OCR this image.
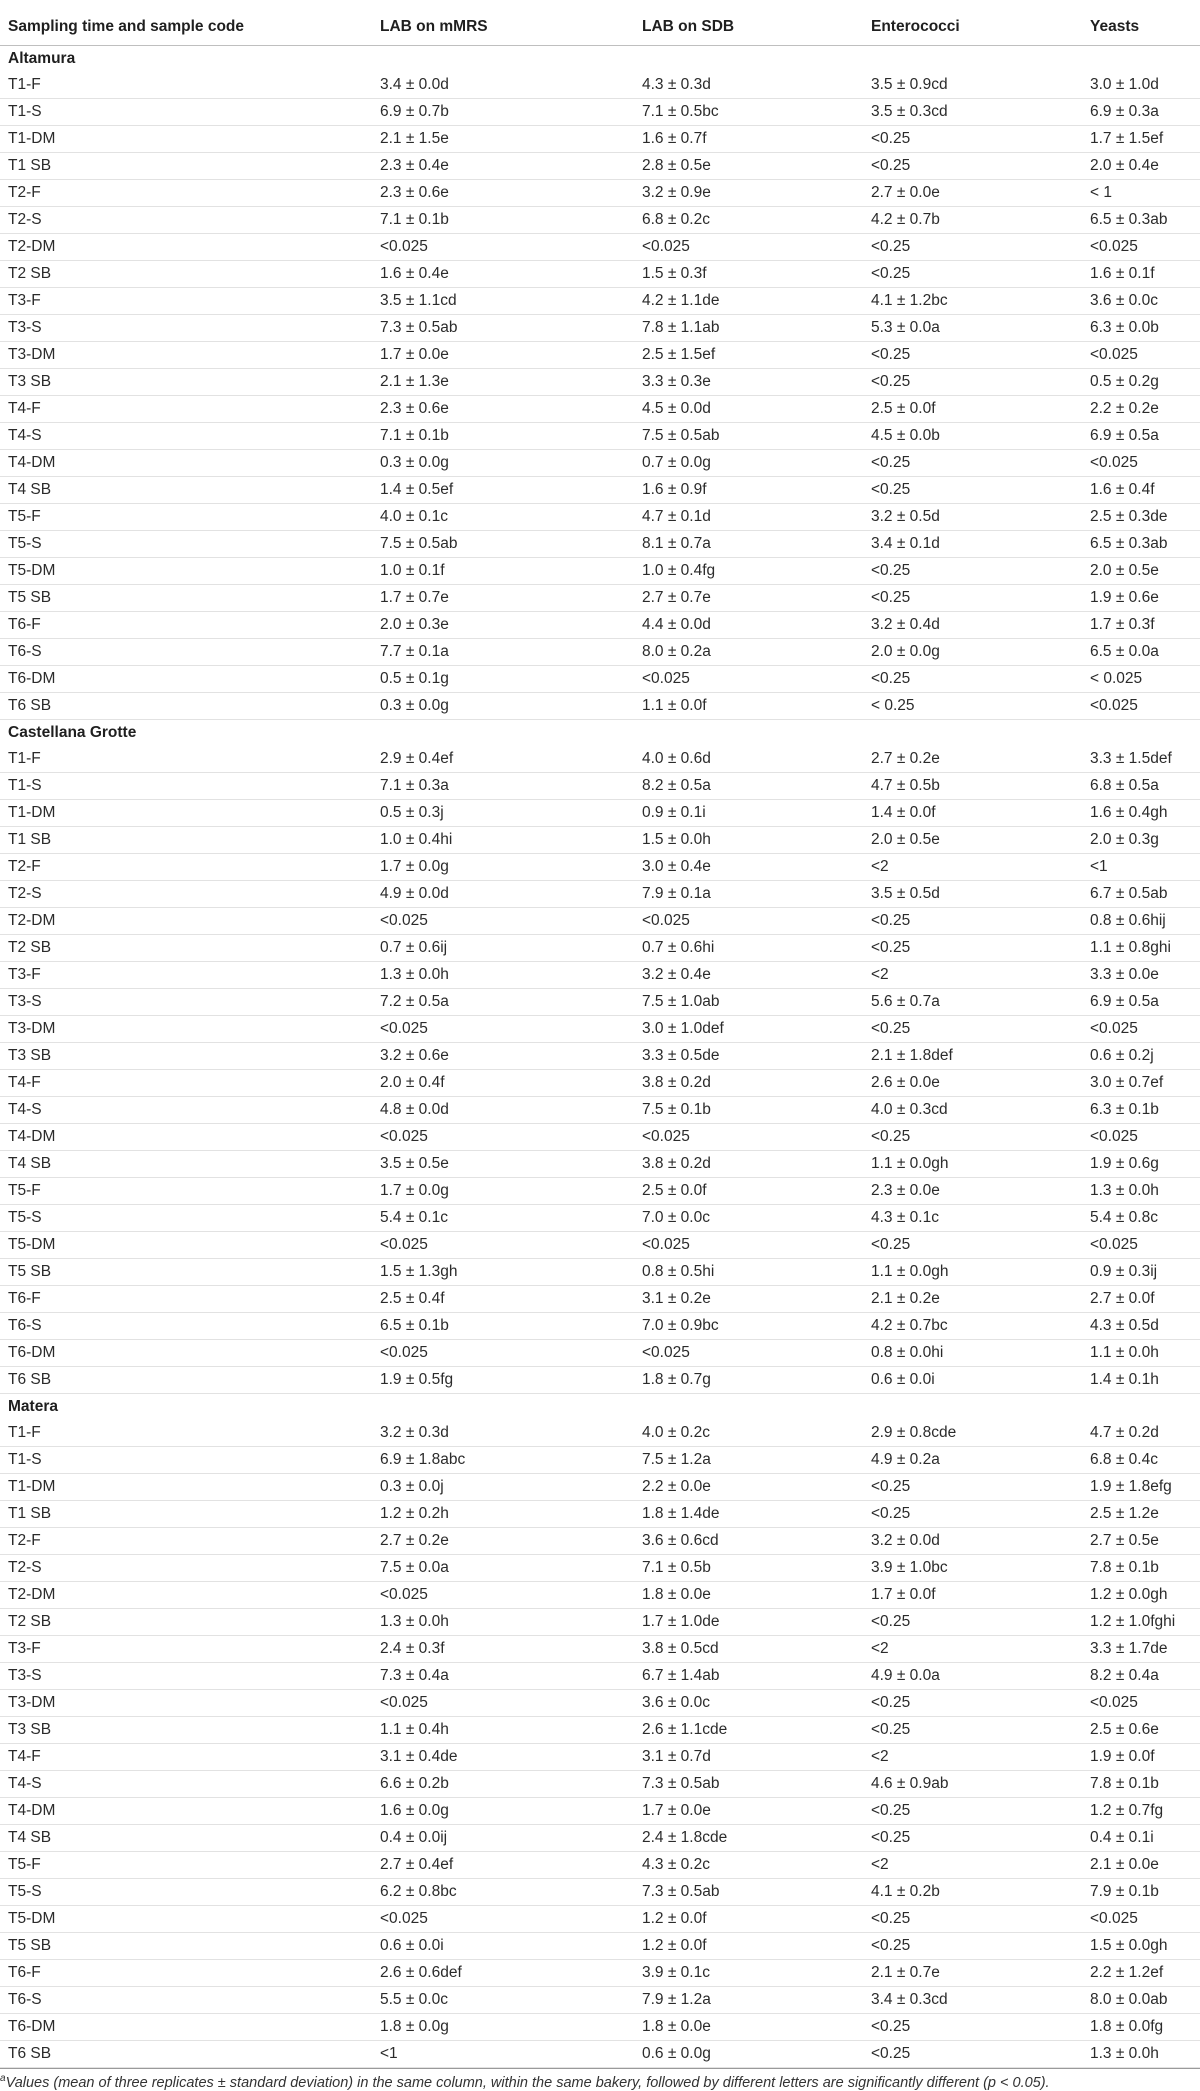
Sampling time and sample code	LAB on mMRS	LAB on SDB	Enterococci	Yeasts
Altamura				
T1-F	3.4 ± 0.0d	4.3 ± 0.3d	3.5 ± 0.9cd	3.0 ± 1.0d
T1-S	6.9 ± 0.7b	7.1 ± 0.5bc	3.5 ± 0.3cd	6.9 ± 0.3a
T1-DM	2.1 ± 1.5e	1.6 ± 0.7f	<0.25	1.7 ± 1.5ef
T1 SB	2.3 ± 0.4e	2.8 ± 0.5e	<0.25	2.0 ± 0.4e
T2-F	2.3 ± 0.6e	3.2 ± 0.9e	2.7 ± 0.0e	< 1
T2-S	7.1 ± 0.1b	6.8 ± 0.2c	4.2 ± 0.7b	6.5 ± 0.3ab
T2-DM	<0.025	<0.025	<0.25	<0.025
T2 SB	1.6 ± 0.4e	1.5 ± 0.3f	<0.25	1.6 ± 0.1f
T3-F	3.5 ± 1.1cd	4.2 ± 1.1de	4.1 ± 1.2bc	3.6 ± 0.0c
T3-S	7.3 ± 0.5ab	7.8 ± 1.1ab	5.3 ± 0.0a	6.3 ± 0.0b
T3-DM	1.7 ± 0.0e	2.5 ± 1.5ef	<0.25	<0.025
T3 SB	2.1 ± 1.3e	3.3 ± 0.3e	<0.25	0.5 ± 0.2g
T4-F	2.3 ± 0.6e	4.5 ± 0.0d	2.5 ± 0.0f	2.2 ± 0.2e
T4-S	7.1 ± 0.1b	7.5 ± 0.5ab	4.5 ± 0.0b	6.9 ± 0.5a
T4-DM	0.3 ± 0.0g	0.7 ± 0.0g	<0.25	<0.025
T4 SB	1.4 ± 0.5ef	1.6 ± 0.9f	<0.25	1.6 ± 0.4f
T5-F	4.0 ± 0.1c	4.7 ± 0.1d	3.2 ± 0.5d	2.5 ± 0.3de
T5-S	7.5 ± 0.5ab	8.1 ± 0.7a	3.4 ± 0.1d	6.5 ± 0.3ab
T5-DM	1.0 ± 0.1f	1.0 ± 0.4fg	<0.25	2.0 ± 0.5e
T5 SB	1.7 ± 0.7e	2.7 ± 0.7e	<0.25	1.9 ± 0.6e
T6-F	2.0 ± 0.3e	4.4 ± 0.0d	3.2 ± 0.4d	1.7 ± 0.3f
T6-S	7.7 ± 0.1a	8.0 ± 0.2a	2.0 ± 0.0g	6.5 ± 0.0a
T6-DM	0.5 ± 0.1g	<0.025	<0.25	< 0.025
T6 SB	0.3 ± 0.0g	1.1 ± 0.0f	< 0.25	<0.025
Castellana Grotte				
T1-F	2.9 ± 0.4ef	4.0 ± 0.6d	2.7 ± 0.2e	3.3 ± 1.5def
T1-S	7.1 ± 0.3a	8.2 ± 0.5a	4.7 ± 0.5b	6.8 ± 0.5a
T1-DM	0.5 ± 0.3j	0.9 ± 0.1i	1.4 ± 0.0f	1.6 ± 0.4gh
T1 SB	1.0 ± 0.4hi	1.5 ± 0.0h	2.0 ± 0.5e	2.0 ± 0.3g
T2-F	1.7 ± 0.0g	3.0 ± 0.4e	<2	<1
T2-S	4.9 ± 0.0d	7.9 ± 0.1a	3.5 ± 0.5d	6.7 ± 0.5ab
T2-DM	<0.025	<0.025	<0.25	0.8 ± 0.6hij
T2 SB	0.7 ± 0.6ij	0.7 ± 0.6hi	<0.25	1.1 ± 0.8ghi
T3-F	1.3 ± 0.0h	3.2 ± 0.4e	<2	3.3 ± 0.0e
T3-S	7.2 ± 0.5a	7.5 ± 1.0ab	5.6 ± 0.7a	6.9 ± 0.5a
T3-DM	<0.025	3.0 ± 1.0def	<0.25	<0.025
T3 SB	3.2 ± 0.6e	3.3 ± 0.5de	2.1 ± 1.8def	0.6 ± 0.2j
T4-F	2.0 ± 0.4f	3.8 ± 0.2d	2.6 ± 0.0e	3.0 ± 0.7ef
T4-S	4.8 ± 0.0d	7.5 ± 0.1b	4.0 ± 0.3cd	6.3 ± 0.1b
T4-DM	<0.025	<0.025	<0.25	<0.025
T4 SB	3.5 ± 0.5e	3.8 ± 0.2d	1.1 ± 0.0gh	1.9 ± 0.6g
T5-F	1.7 ± 0.0g	2.5 ± 0.0f	2.3 ± 0.0e	1.3 ± 0.0h
T5-S	5.4 ± 0.1c	7.0 ± 0.0c	4.3 ± 0.1c	5.4 ± 0.8c
T5-DM	<0.025	<0.025	<0.25	<0.025
T5 SB	1.5 ± 1.3gh	0.8 ± 0.5hi	1.1 ± 0.0gh	0.9 ± 0.3ij
T6-F	2.5 ± 0.4f	3.1 ± 0.2e	2.1 ± 0.2e	2.7 ± 0.0f
T6-S	6.5 ± 0.1b	7.0 ± 0.9bc	4.2 ± 0.7bc	4.3 ± 0.5d
T6-DM	<0.025	<0.025	0.8 ± 0.0hi	1.1 ± 0.0h
T6 SB	1.9 ± 0.5fg	1.8 ± 0.7g	0.6 ± 0.0i	1.4 ± 0.1h
Matera				
T1-F	3.2 ± 0.3d	4.0 ± 0.2c	2.9 ± 0.8cde	4.7 ± 0.2d
T1-S	6.9 ± 1.8abc	7.5 ± 1.2a	4.9 ± 0.2a	6.8 ± 0.4c
T1-DM	0.3 ± 0.0j	2.2 ± 0.0e	<0.25	1.9 ± 1.8efg
T1 SB	1.2 ± 0.2h	1.8 ± 1.4de	<0.25	2.5 ± 1.2e
T2-F	2.7 ± 0.2e	3.6 ± 0.6cd	3.2 ± 0.0d	2.7 ± 0.5e
T2-S	7.5 ± 0.0a	7.1 ± 0.5b	3.9 ± 1.0bc	7.8 ± 0.1b
T2-DM	<0.025	1.8 ± 0.0e	1.7 ± 0.0f	1.2 ± 0.0gh
T2 SB	1.3 ± 0.0h	1.7 ± 1.0de	<0.25	1.2 ± 1.0fghi
T3-F	2.4 ± 0.3f	3.8 ± 0.5cd	<2	3.3 ± 1.7de
T3-S	7.3 ± 0.4a	6.7 ± 1.4ab	4.9 ± 0.0a	8.2 ± 0.4a
T3-DM	<0.025	3.6 ± 0.0c	<0.25	<0.025
T3 SB	1.1 ± 0.4h	2.6 ± 1.1cde	<0.25	2.5 ± 0.6e
T4-F	3.1 ± 0.4de	3.1 ± 0.7d	<2	1.9 ± 0.0f
T4-S	6.6 ± 0.2b	7.3 ± 0.5ab	4.6 ± 0.9ab	7.8 ± 0.1b
T4-DM	1.6 ± 0.0g	1.7 ± 0.0e	<0.25	1.2 ± 0.7fg
T4 SB	0.4 ± 0.0ij	2.4 ± 1.8cde	<0.25	0.4 ± 0.1i
T5-F	2.7 ± 0.4ef	4.3 ± 0.2c	<2	2.1 ± 0.0e
T5-S	6.2 ± 0.8bc	7.3 ± 0.5ab	4.1 ± 0.2b	7.9 ± 0.1b
T5-DM	<0.025	1.2 ± 0.0f	<0.25	<0.025
T5 SB	0.6 ± 0.0i	1.2 ± 0.0f	<0.25	1.5 ± 0.0gh
T6-F	2.6 ± 0.6def	3.9 ± 0.1c	2.1 ± 0.7e	2.2 ± 1.2ef
T6-S	5.5 ± 0.0c	7.9 ± 1.2a	3.4 ± 0.3cd	8.0 ± 0.0ab
T6-DM	1.8 ± 0.0g	1.8 ± 0.0e	<0.25	1.8 ± 0.0fg
T6 SB	<1	0.6 ± 0.0g	<0.25	1.3 ± 0.0h
$^a$Values (mean of three replicates ± standard deviation) in the same column, within the same bakery, followed by different letters are significantly different (p < 0.05).
